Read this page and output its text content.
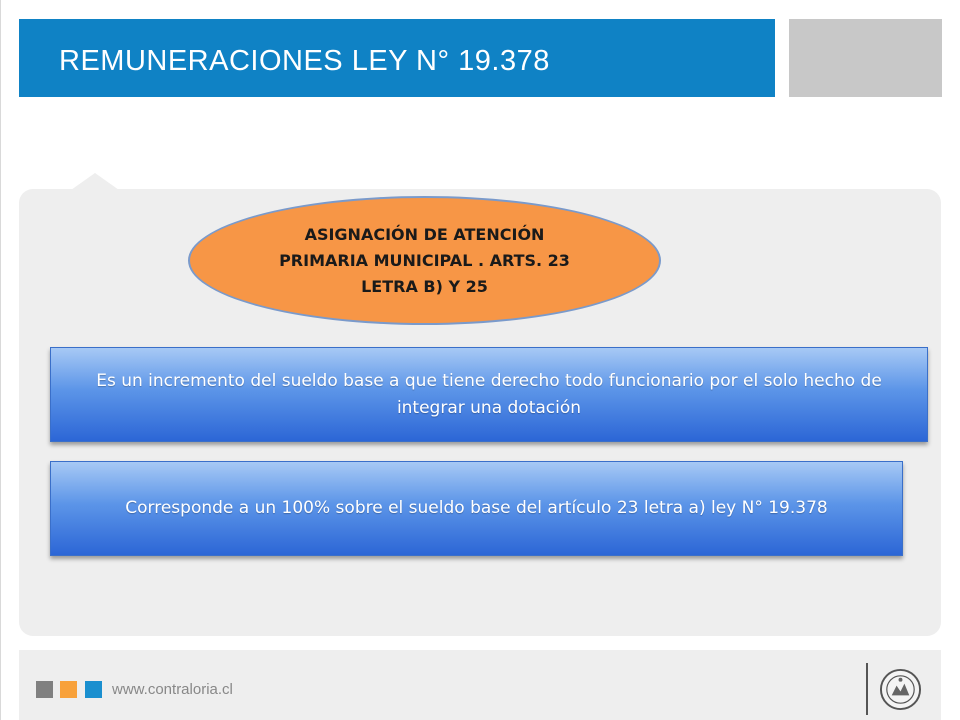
REMUNERACIONES LEY N° 19.378
ASIGNACIÓN DE ATENCIÓN PRIMARIA MUNICIPAL . ARTS. 23 LETRA B) Y 25
Es un incremento del sueldo base a que tiene derecho todo funcionario por el solo hecho de integrar una dotación
Corresponde a un 100% sobre el sueldo base del artículo 23 letra a) ley N° 19.378
www.contraloria.cl
